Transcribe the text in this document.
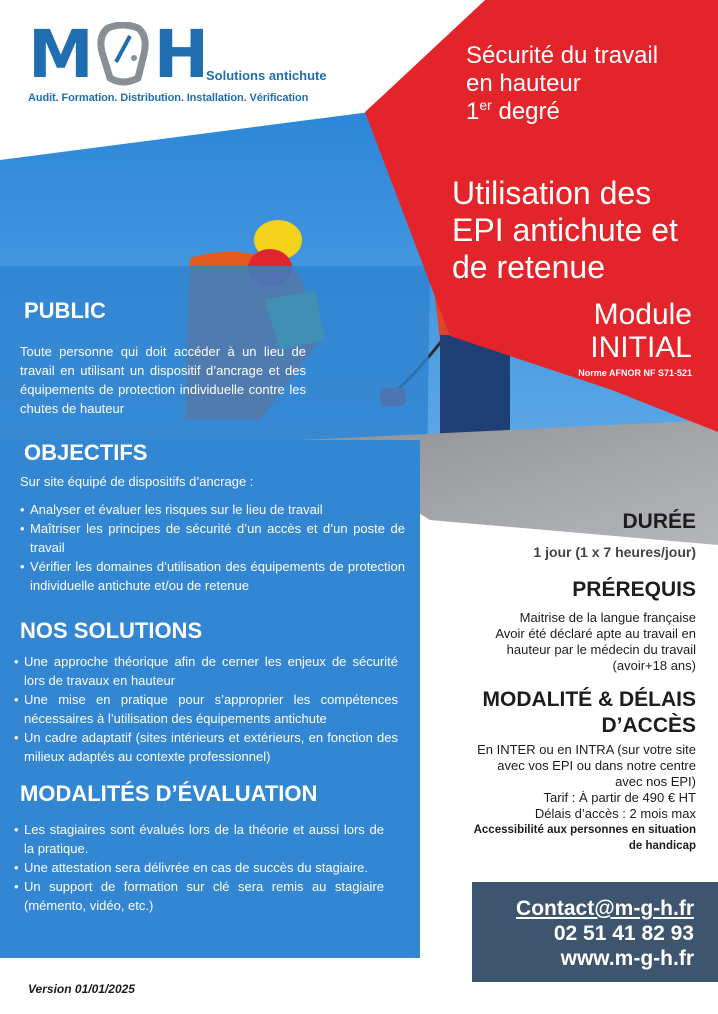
M H Solutions antichute
Audit. Formation. Distribution. Installation. Vérification
Sécurité du travail
en hauteur
1er degré
Utilisation des
EPI antichute et
de retenue
Module
INITIAL
Norme AFNOR NF S71-521
PUBLIC
Toute personne qui doit accéder à un lieu de travail en utilisant un dispositif d’ancrage et des équipements de protection individuelle contre les chutes de hauteur
OBJECTIFS
Sur site équipé de dispositifs d’ancrage :
• Analyser et évaluer les risques sur le lieu de travail
• Maîtriser les principes de sécurité d’un accès et d’un poste de travail
• Vérifier les domaines d’utilisation des équipements de protection individuelle antichute et/ou de retenue
NOS SOLUTIONS
• Une approche théorique afin de cerner les enjeux de sécurité lors de travaux en hauteur
• Une mise en pratique pour s’approprier les compétences nécessaires à l’utilisation des équipements antichute
• Un cadre adaptatif (sites intérieurs et extérieurs, en fonction des milieux adaptés au contexte professionnel)
MODALITÉS D’ÉVALUATION
• Les stagiaires sont évalués lors de la théorie et aussi lors de la pratique.
• Une attestation sera délivrée en cas de succès du stagiaire.
• Un support de formation sur clé sera remis au stagiaire (mémento, vidéo, etc.)
DURÉE
1 jour (1 x 7 heures/jour)
PRÉREQUIS
Maitrise de la langue française
Avoir été déclaré apte au travail en
hauteur par le médecin du travail
(avoir+18 ans)
MODALITÉ & DÉLAIS
D’ACCÈS
En INTER ou en INTRA (sur votre site
avec vos EPI ou dans notre centre
avec nos EPI)
Tarif : À partir de 490 € HT
Délais d’accès : 2 mois max
Accessibilité aux personnes en situation
de handicap
Contact@m-g-h.fr
02 51 41 82 93
www.m-g-h.fr
Version 01/01/2025
